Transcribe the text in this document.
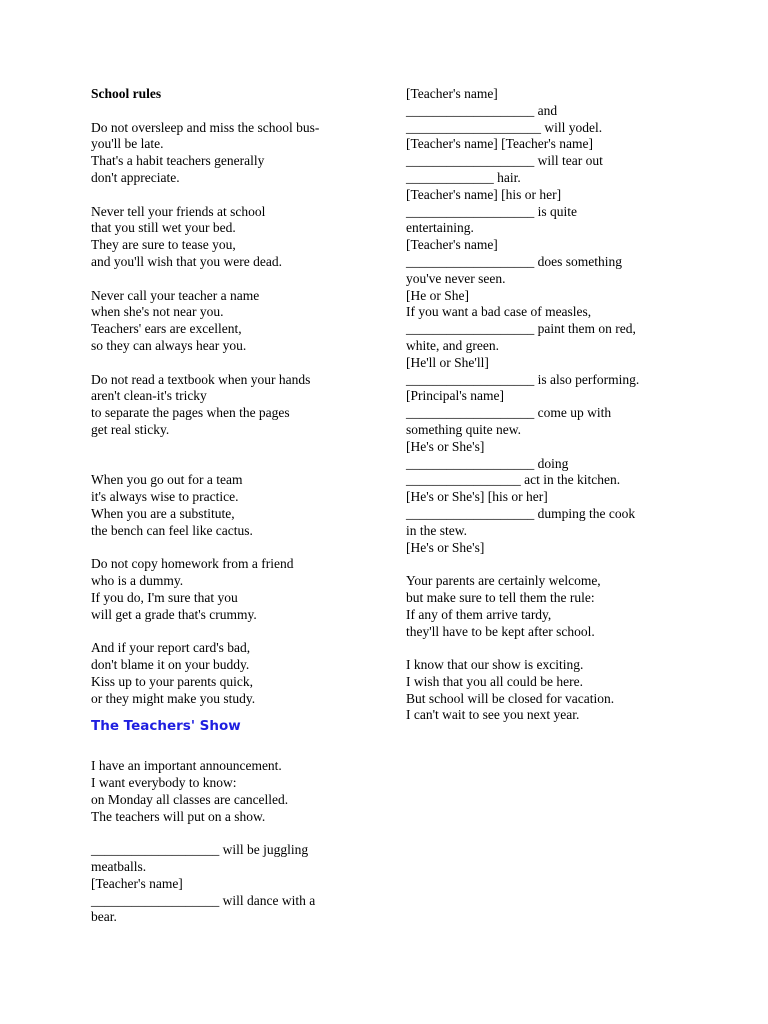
School rules
Do not oversleep and miss the school bus-
you'll be late.
That's a habit teachers generally
don't appreciate.
Never tell your friends at school
that you still wet your bed.
They are sure to tease you,
and you'll wish that you were dead.
Never call your teacher a name
when she's not near you.
Teachers' ears are excellent,
so they can always hear you.
Do not read a textbook when your hands
aren't clean-it's tricky
to separate the pages when the pages
get real sticky.
When you go out for a team
it's always wise to practice.
When you are a substitute,
the bench can feel like cactus.
Do not copy homework from a friend
who is a dummy.
If you do, I'm sure that you
will get a grade that's crummy.
And if your report card's bad,
don't blame it on your buddy.
Kiss up to your parents quick,
or they might make you study.
The Teachers' Show
I have an important announcement.
I want everybody to know:
on Monday all classes are cancelled.
The teachers will put on a show.
___________________ will be juggling
meatballs.
[Teacher's name]
___________________ will dance with a
bear.
[Teacher's name]
___________________ and
____________________ will yodel.
[Teacher's name] [Teacher's name]
___________________ will tear out
_____________ hair.
[Teacher's name] [his or her]
___________________ is quite
entertaining.
[Teacher's name]
___________________ does something
you've never seen.
[He or She]
If you want a bad case of measles,
___________________ paint them on red,
white, and green.
[He'll or She'll]
___________________ is also performing.
[Principal's name]
___________________ come up with
something quite new.
[He's or She's]
___________________ doing
_________________ act in the kitchen.
[He's or She's] [his or her]
___________________ dumping the cook
in the stew.
[He's or She's]
Your parents are certainly welcome,
but make sure to tell them the rule:
If any of them arrive tardy,
they'll have to be kept after school.
I know that our show is exciting.
I wish that you all could be here.
But school will be closed for vacation.
I can't wait to see you next year.
